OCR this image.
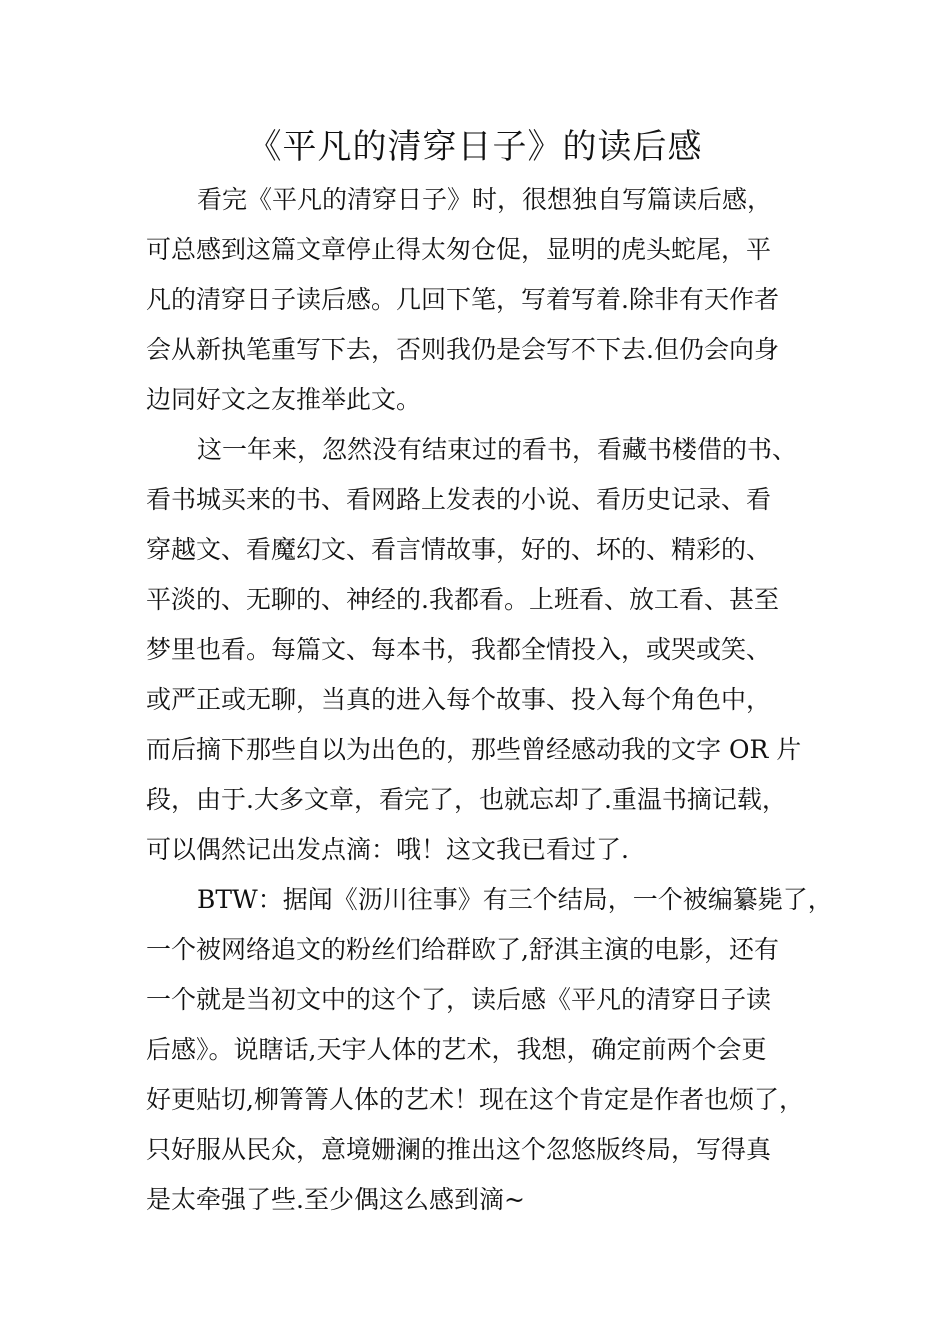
《平凡的清穿日子》的读后感
看完《平凡的清穿日子》时，很想独自写篇读后感，
可总感到这篇文章停止得太匆仓促，显明的虎头蛇尾，平
凡的清穿日子读后感。几回下笔，写着写着.除非有天作者
会从新执笔重写下去，否则我仍是会写不下去.但仍会向身
边同好文之友推举此文。
这一年来，忽然没有结束过的看书，看藏书楼借的书、
看书城买来的书、看网路上发表的小说、看历史记录、看
穿越文、看魔幻文、看言情故事，好的、坏的、精彩的、
平淡的、无聊的、神经的.我都看。上班看、放工看、甚至
梦里也看。每篇文、每本书，我都全情投入，或哭或笑、
或严正或无聊，当真的进入每个故事、投入每个角色中，
而后摘下那些自以为出色的，那些曾经感动我的文字 OR 片
段，由于.大多文章，看完了，也就忘却了.重温书摘记载，
可以偶然记出发点滴：哦！这文我已看过了.
BTW：据闻《沥川往事》有三个结局，一个被编纂毙了，
一个被网络追文的粉丝们给群欧了,舒淇主演的电影，还有
一个就是当初文中的这个了，读后感《平凡的清穿日子读
后感》。说瞎话,天宇人体的艺术，我想，确定前两个会更
好更贴切,柳箐箐人体的艺术！现在这个肯定是作者也烦了，
只好服从民众，意境姗澜的推出这个忽悠版终局，写得真
是太牵强了些.至少偶这么感到滴~
